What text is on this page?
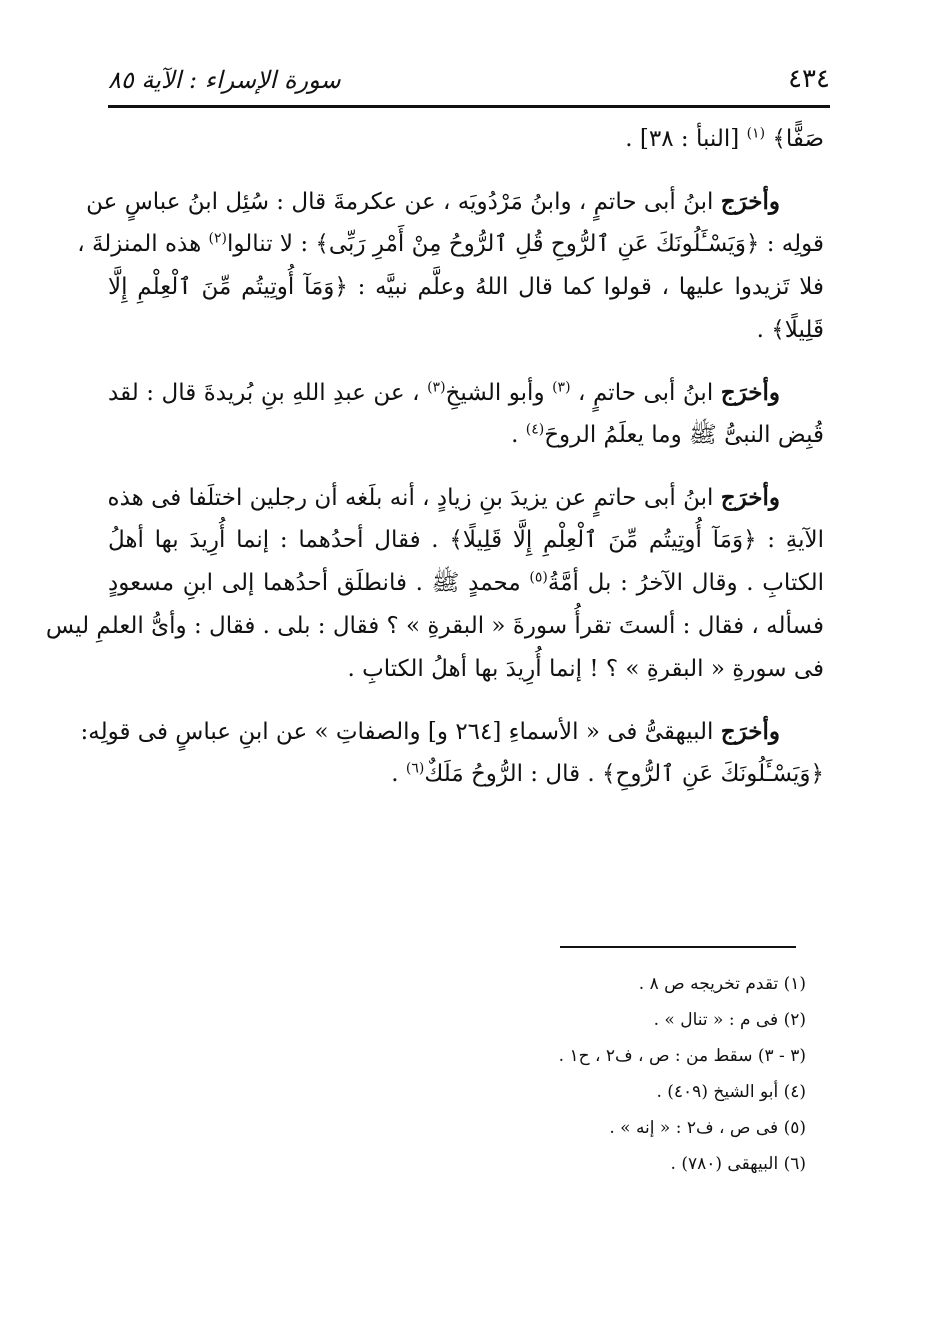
٤٣٤
سورة الإسراء : الآية ٨٥
صَفًّا﴾ $^{(١)}$ [النبأ : ٣٨] .
وأخرَج ابنُ أبى حاتمٍ ، وابنُ مَرْدُويَه ، عن عكرمةَ قال : سُئِل ابنُ عباسٍ عن
قولِه : ﴿وَيَسْـَٔلُونَكَ عَنِ ٱلرُّوحِ قُلِ ٱلرُّوحُ مِنْ أَمْرِ رَبِّى﴾ : لا تنالوا$^{(٢)}$ هذه المنزلةَ ،
فلا تَزيدوا عليها ، قولوا كما قال اللهُ وعلَّم نبيَّه : ﴿وَمَآ أُوتِيتُم مِّنَ ٱلْعِلْمِ إِلَّا
قَلِيلًا﴾ .
وأخرَج ابنُ أبى حاتمٍ ، $^{(٣)}$ وأبو الشيخِ$^{(٣)}$ ، عن عبدِ اللهِ بنِ بُريدةَ قال : لقد
قُبِض النبىُّ ﷺ وما يعلَمُ الروحَ$^{(٤)}$ .
وأخرَج ابنُ أبى حاتمٍ عن يزيدَ بنِ زيادٍ ، أنه بلَغه أن رجلين اختلَفا فى هذه
الآيةِ : ﴿وَمَآ أُوتِيتُم مِّنَ ٱلْعِلْمِ إِلَّا قَلِيلًا﴾ . فقال أحدُهما : إنما أُرِيدَ بها أهلُ
الكتابِ . وقال الآخرُ : بل أمَّةُ$^{(٥)}$ محمدٍ ﷺ . فانطلَق أحدُهما إلى ابنِ مسعودٍ
فسأله ، فقال : ألستَ تقرأُ سورةَ « البقرةِ » ؟ فقال : بلى . فقال : وأىُّ العلمِ ليس
فى سورةِ « البقرةِ » ؟ ! إنما أُرِيدَ بها أهلُ الكتابِ .
وأخرَج البيهقىُّ فى « الأسماءِ [٢٦٤ و] والصفاتِ » عن ابنِ عباسٍ فى قولِه:
﴿وَيَسْـَٔلُونَكَ عَنِ ٱلرُّوحِ﴾ . قال : الرُّوحُ مَلَكٌ$^{(٦)}$ .
(١) تقدم تخريجه ص ٨ .
(٢) فى م : « تنال » .
(٣ - ٣) سقط من : ص ، ف٢ ، ح١ .
(٤) أبو الشيخ (٤٠٩) .
(٥) فى ص ، ف٢ : « إنه » .
(٦) البيهقى (٧٨٠) .
